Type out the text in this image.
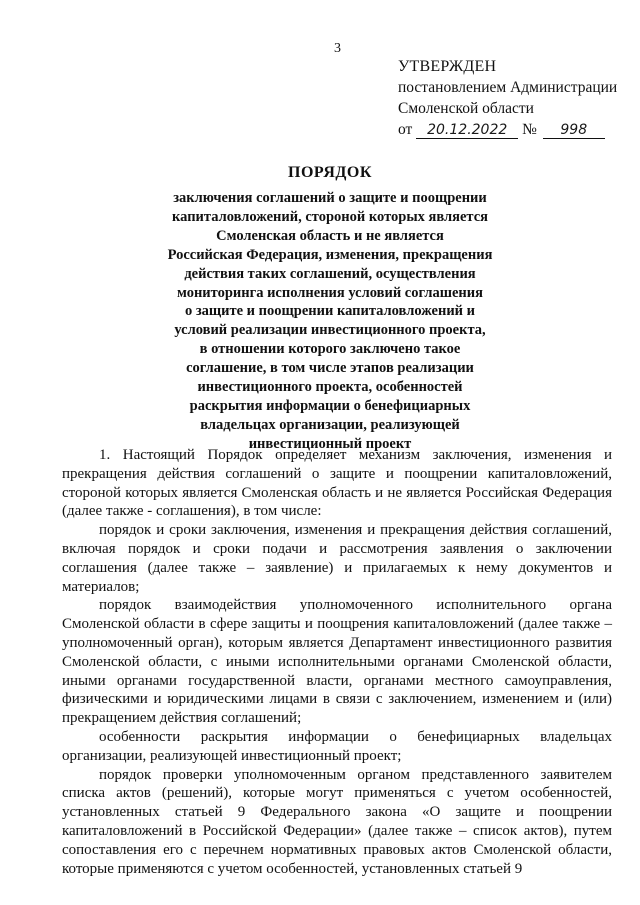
3
УТВЕРЖДЕН
постановлением Администрации
Смоленской области
от 20.12.2022 № 998
ПОРЯДОК
заключения соглашений о защите и поощрении
капиталовложений, стороной которых является
Смоленская область и не является
Российская Федерация, изменения, прекращения
действия таких соглашений, осуществления
мониторинга исполнения условий соглашения
о защите и поощрении капиталовложений и
условий реализации инвестиционного проекта,
в отношении которого заключено такое
соглашение, в том числе этапов реализации
инвестиционного проекта, особенностей
раскрытия информации о бенефициарных
владельцах организации, реализующей
инвестиционный проект

1. Настоящий Порядок определяет механизм заключения, изменения и прекращения действия соглашений о защите и поощрении капиталовложений, стороной которых является Смоленская область и не является Российская Федерация (далее также - соглашения), в том числе:

порядок и сроки заключения, изменения и прекращения действия соглашений, включая порядок и сроки подачи и рассмотрения заявления о заключении соглашения (далее также – заявление) и прилагаемых к нему документов и материалов;

порядок взаимодействия уполномоченного исполнительного органа Смоленской области в сфере защиты и поощрения капиталовложений (далее также – уполномоченный орган), которым является Департамент инвестиционного развития Смоленской области, с иными исполнительными органами Смоленской области, иными органами государственной власти, органами местного самоуправления, физическими и юридическими лицами в связи с заключением, изменением и (или) прекращением действия соглашений;

особенности раскрытия информации о бенефициарных владельцах организации, реализующей инвестиционный проект;

порядок проверки уполномоченным органом представленного заявителем списка актов (решений), которые могут применяться с учетом особенностей, установленных статьей 9 Федерального закона «О защите и поощрении капиталовложений в Российской Федерации» (далее также – список актов), путем сопоставления его с перечнем нормативных правовых актов Смоленской области, которые применяются с учетом особенностей, установленных статьей 9
